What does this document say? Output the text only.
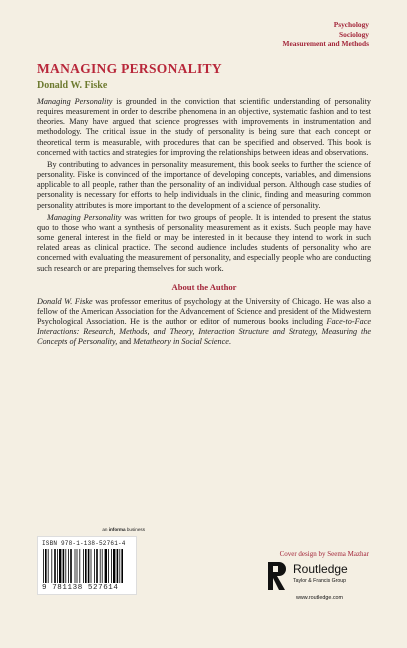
Psychology
Sociology
Measurement and Methods
MANAGING PERSONALITY
Donald W. Fiske

Managing Personality is grounded in the conviction that scientific understanding of personality requires measurement in order to describe phenomena in an objective, systematic fashion and to test theories. Many have argued that science progresses with improvements in instrumentation and methodology. The critical issue in the study of personality is being sure that each concept or theoretical term is measurable, with procedures that can be specified and observed. This book is concerned with tactics and strategies for improving the relationships between ideas and observations.

By contributing to advances in personality measurement, this book seeks to further the science of personality. Fiske is convinced of the importance of developing concepts, variables, and dimensions applicable to all people, rather than the personality of an individual person. Although case studies of personality is necessary for efforts to help individuals in the clinic, finding and measuring common personality attributes is more important to the development of a science of personality.

Managing Personality was written for two groups of people. It is intended to present the status quo to those who want a synthesis of personality measurement as it exists. Such people may have some general interest in the field or may be interested in it because they intend to work in such related areas as clinical practice. The second audience includes students of personality who are concerned with evaluating the measurement of personality, and especially people who are conducting such research or are preparing themselves for such work.

About the Author

Donald W. Fiske was professor emeritus of psychology at the University of Chicago. He was also a fellow of the American Association for the Advancement of Science and president of the Midwestern Psychological Association. He is the author or editor of numerous books including Face-to-Face Interactions: Research, Methods, and Theory, Interaction Structure and Strategy, Measuring the Concepts of Personality, and Metatheory in Social Science.

an informa business
ISBN 978-1-138-52761-4
9 781138 527614
Cover design by Seema Mazhar
Routledge
Taylor & Francis Group
www.routledge.com
